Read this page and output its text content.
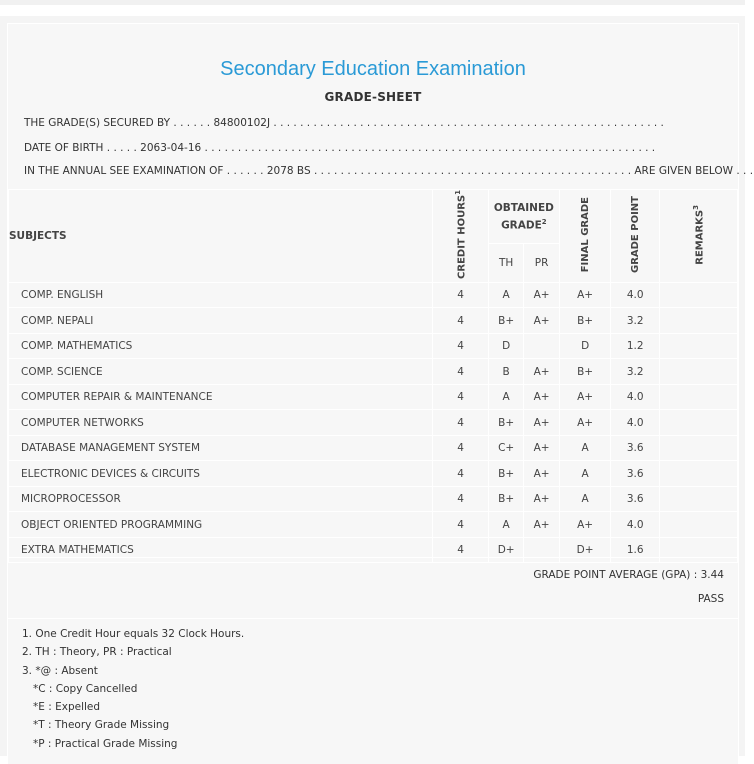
Secondary Education Examination
GRADE-SHEET
THE GRADE(S) SECURED BY . . . . . . 84800102J . . . . . . . . . . . . . . . . . . . . . . . . . . . . . . . . . . . . . . . . . . . . . . . . . . . . . . . . . . .
DATE OF BIRTH . . . . . 2063-04-16 . . . . . . . . . . . . . . . . . . . . . . . . . . . . . . . . . . . . . . . . . . . . . . . . . . . . . . . . . . . . . . . . . . . .
IN THE ANNUAL SEE EXAMINATION OF . . . . . . 2078 BS . . . . . . . . . . . . . . . . . . . . . . . . . . . . . . . . . . . . . . . . . . . . . . . . ARE GIVEN BELOW . . .
SUBJECTS	CREDIT HOURS$^1$	OBTAINED GRADE$^2$		FINAL GRADE	GRADE POINT	REMARKS$^3$
		TH	PR			
COMP. ENGLISH	4	A	A+	A+	4.0	
COMP. NEPALI	4	B+	A+	B+	3.2	
COMP. MATHEMATICS	4	D		D	1.2	
COMP. SCIENCE	4	B	A+	B+	3.2	
COMPUTER REPAIR & MAINTENANCE	4	A	A+	A+	4.0	
COMPUTER NETWORKS	4	B+	A+	A+	4.0	
DATABASE MANAGEMENT SYSTEM	4	C+	A+	A	3.6	
ELECTRONIC DEVICES & CIRCUITS	4	B+	A+	A	3.6	
MICROPROCESSOR	4	B+	A+	A	3.6	
OBJECT ORIENTED PROGRAMMING	4	A	A+	A+	4.0	
EXTRA MATHEMATICS	4	D+		D+	1.6	
GRADE POINT AVERAGE (GPA) : 3.44
PASS
1. One Credit Hour equals 32 Clock Hours.
2. TH : Theory, PR : Practical
3. *@ : Absent
*C : Copy Cancelled
*E : Expelled
*T : Theory Grade Missing
*P : Practical Grade Missing
